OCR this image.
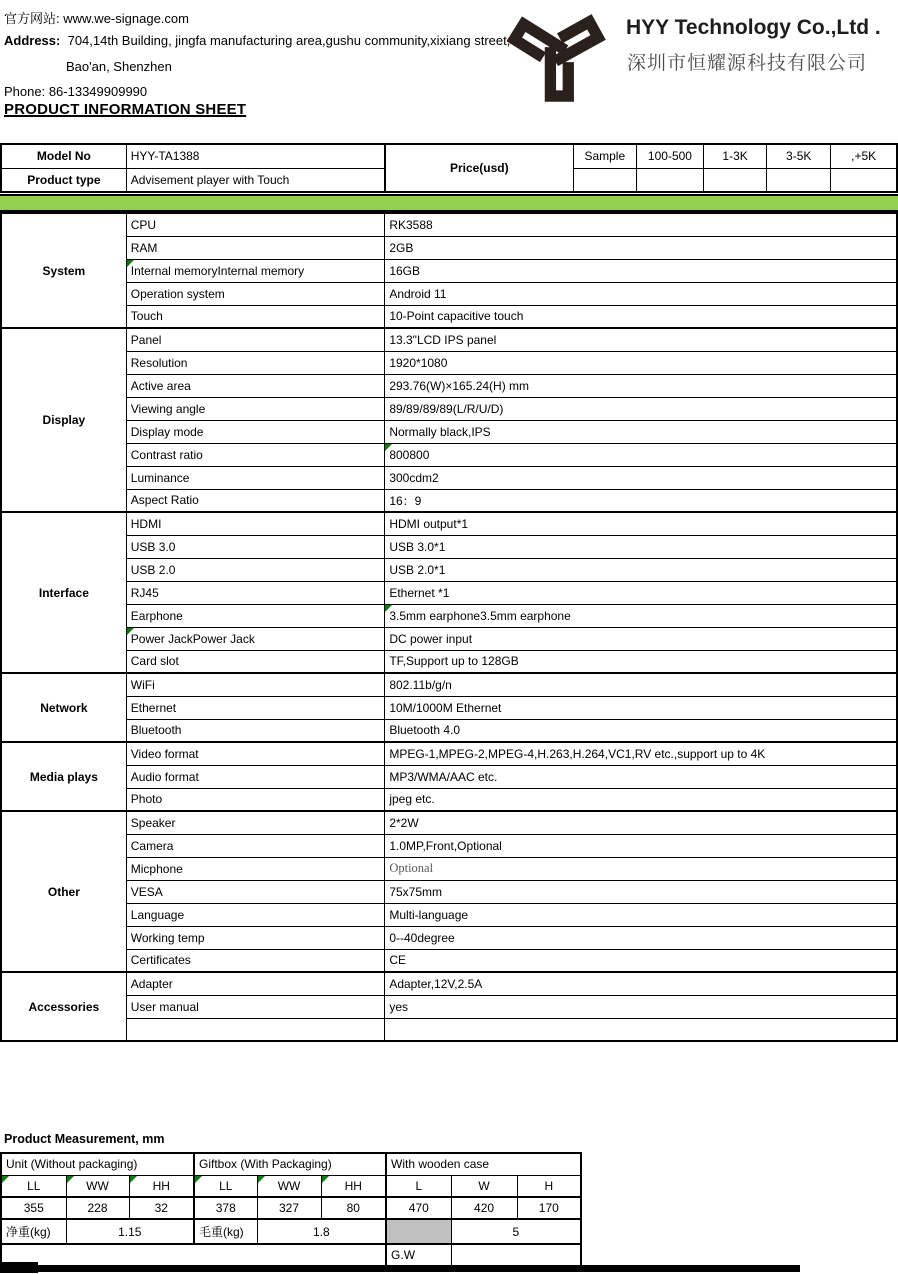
官方网站: www.we-signage.com
Address: 704,14th Building, jingfa manufacturing area,gushu community,xixiang street,
Bao'an, Shenzhen
Phone: 86-13349909990
PRODUCT INFORMATION SHEET
HYY Technology Co.,Ltd .
深圳市恒耀源科技有限公司
Model No	HYY-TA1388	Price(usd)	Sample	100-500	1-3K	3-5K	,+5K
Product type	Advisement player with Touch						
System	CPU	RK3588
	RAM	2GB

Internal memoryInternal memory	16GB
	Operation system	Android 11
	Touch	10-Point capacitive touch
Display	Panel	13.3"LCD IPS panel
	Resolution	1920*1080
	Active area	293.76(W)×165.24(H) mm
	Viewing angle	89/89/89/89(L/R/U/D)
	Display mode	Normally black,IPS
	Contrast ratio	800800
	Luminance	300cdm2
	Aspect Ratio	16：9
Interface	HDMI	HDMI output*1
	USB 3.0	USB 3.0*1
	USB 2.0	USB 2.0*1
	RJ45	Ethernet *1
	Earphone	3.5mm earphone3.5mm earphone

Power JackPower Jack	DC power input
	Card slot	TF,Support up to 128GB
Network	WiFi	802.11b/g/n
	Ethernet	10M/1000M Ethernet
	Bluetooth	Bluetooth 4.0
Media plays	Video format	MPEG-1,MPEG-2,MPEG-4,H.263,H.264,VC1,RV etc.,support up to 4K
	Audio format	MP3/WMA/AAC etc.
	Photo	jpeg etc.
Other	Speaker	2*2W
	Camera	1.0MP,Front,Optional
	Micphone	Optional
	VESA	75x75mm
	Language	Multi-language
	Working temp	0--40degree
	Certificates	CE
Accessories	Adapter	Adapter,12V,2.5A
	User manual	yes

Product Measurement, mm
Unit (Without packaging)			Giftbox (With Packaging)			With wooden case		

LL	WW	HH	LL	WW	HH	L	W	H
355	228	32	378	327	80	470	420	170
净重(kg)	1.15		毛重(kg)	1.8			5	
						G.W		
